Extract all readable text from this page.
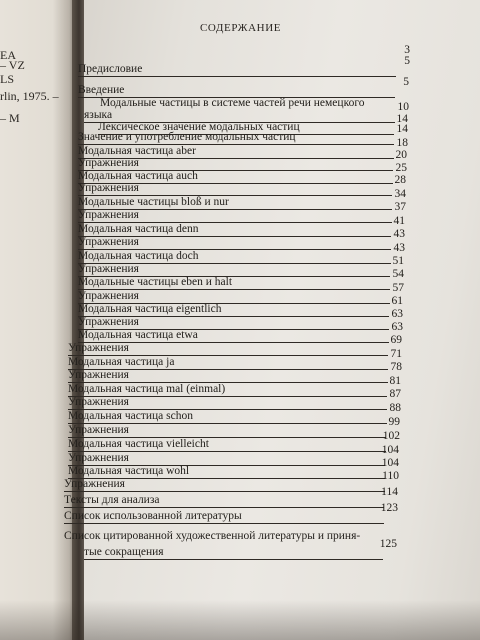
EA
– VZ
LS
rlin, 1975. –
– M
СОДЕРЖАНИЕ
3
Предисловие
5
Введение
5
Модальные частицы в системе частей речи немецкого
языка
10
Лексическое значение модальных частиц
14
Значение и употребление модальных частиц
14
Модальная частица aber
18
Упражнения
20
Модальная частица auch
25
Упражнения
28
Модальные частицы bloß и nur
34
Упражнения
37
Модальная частица denn
41
Упражнения
43
Модальная частица doch
43
Упражнения
51
Модальные частицы eben и halt
54
Упражнения
57
Модальная частица eigentlich
61
Упражнения
63
Модальная частица etwa
63
Упражнения
69
Модальная частица ja
71
Упражнения
78
Модальная частица mal (einmal)
81
Упражнения
87
Модальная частица schon
88
Упражнения
99
Модальная частица vielleicht
102
Упражнения
104
Модальная частица wohl
104
Упражнения
110
Тексты для анализа
114
Список использованной литературы
123
Список цитированной художественной литературы и приня-
тые сокращения
125
